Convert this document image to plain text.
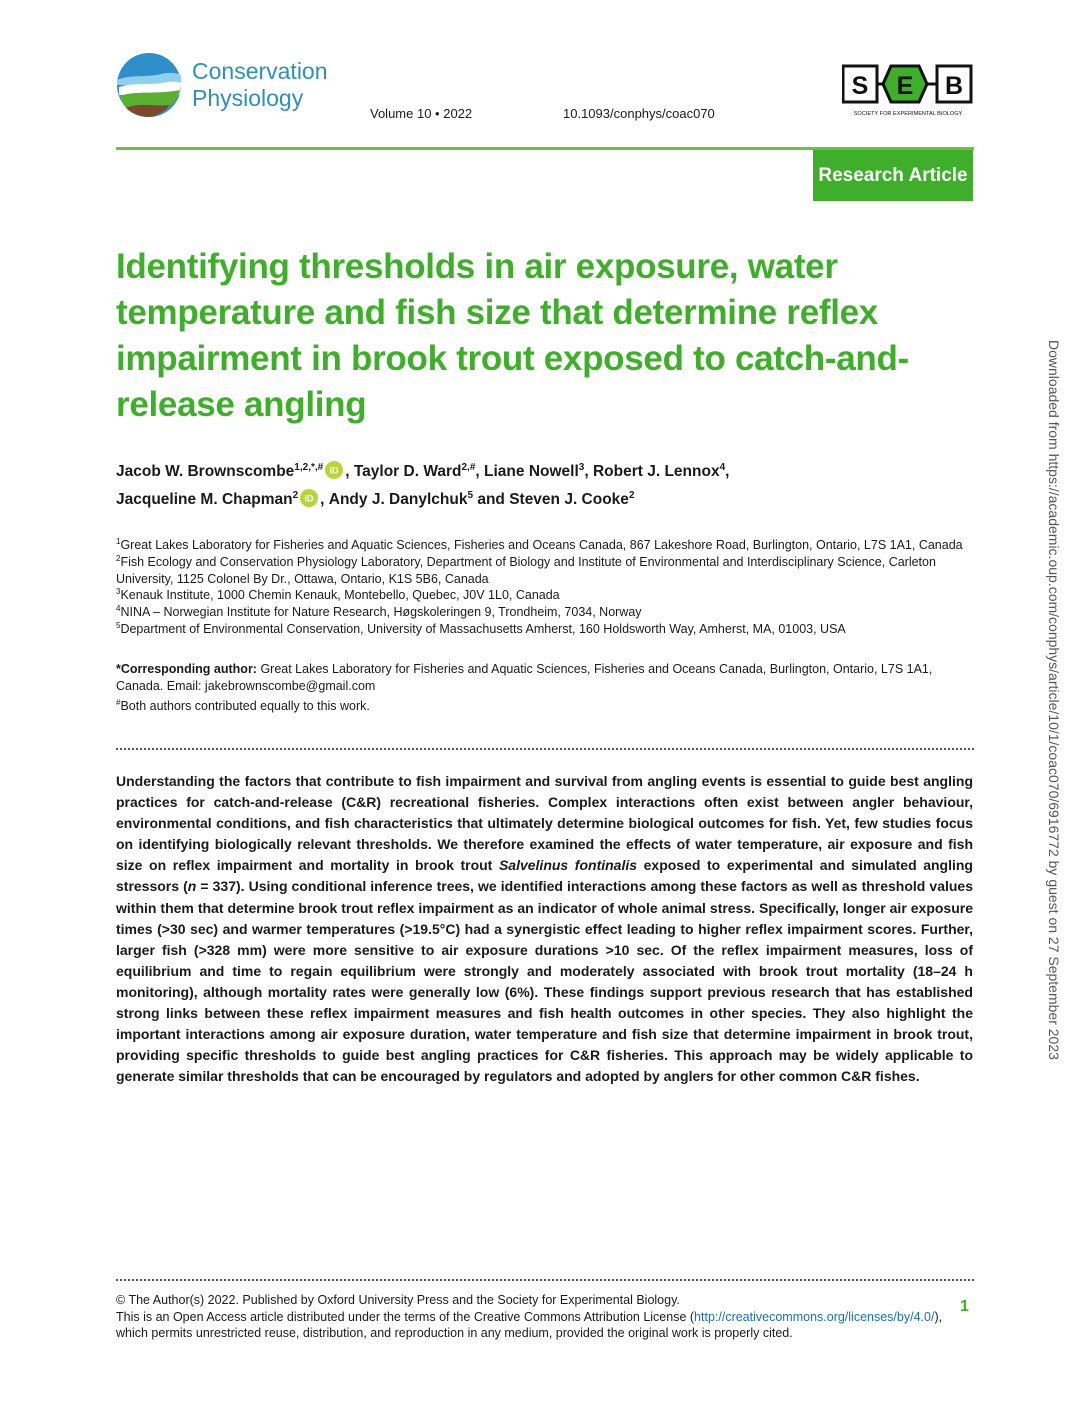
Conservation
Physiology
Volume 10 • 2022	10.1093/conphys/coac070
S E B
SOCIETY FOR EXPERIMENTAL BIOLOGY
Research Article
Identifying thresholds in air exposure, water temperature and fish size that determine reflex impairment in brook trout exposed to catch-and-release angling
Jacob W. Brownscombe$^{1,2,*,\#}$ iD , Taylor D. Ward$^{2,\#}$, Liane Nowell$^3$, Robert J. Lennox$^4$,
Jacqueline M. Chapman$^2$ iD , Andy J. Danylchuk$^5$ and Steven J. Cooke$^2$
$^1$Great Lakes Laboratory for Fisheries and Aquatic Sciences, Fisheries and Oceans Canada, 867 Lakeshore Road, Burlington, Ontario, L7S 1A1, Canada
$^2$Fish Ecology and Conservation Physiology Laboratory, Department of Biology and Institute of Environmental and Interdisciplinary Science, Carleton University, 1125 Colonel By Dr., Ottawa, Ontario, K1S 5B6, Canada
$^3$Kenauk Institute, 1000 Chemin Kenauk, Montebello, Quebec, J0V 1L0, Canada
$^4$NINA – Norwegian Institute for Nature Research, Høgskoleringen 9, Trondheim, 7034, Norway
$^5$Department of Environmental Conservation, University of Massachusetts Amherst, 160 Holdsworth Way, Amherst, MA, 01003, USA
*Corresponding author: Great Lakes Laboratory for Fisheries and Aquatic Sciences, Fisheries and Oceans Canada, Burlington, Ontario, L7S 1A1, Canada. Email: jakebrownscombe@gmail.com
#Both authors contributed equally to this work.

Understanding the factors that contribute to fish impairment and survival from angling events is essential to guide best angling practices for catch-and-release (C&R) recreational fisheries. Complex interactions often exist between angler behaviour, environmental conditions, and fish characteristics that ultimately determine biological outcomes for fish. Yet, few studies focus on identifying biologically relevant thresholds. We therefore examined the effects of water temperature, air exposure and fish size on reflex impairment and mortality in brook trout Salvelinus fontinalis exposed to experimental and simulated angling stressors (n = 337). Using conditional inference trees, we identified interactions among these factors as well as threshold values within them that determine brook trout reflex impairment as an indicator of whole animal stress. Specifically, longer air exposure times (>30 sec) and warmer temperatures (>19.5°C) had a synergistic effect leading to higher reflex impairment scores. Further, larger fish (>328 mm) were more sensitive to air exposure durations >10 sec. Of the reflex impairment measures, loss of equilibrium and time to regain equilibrium were strongly and moderately associated with brook trout mortality (18–24 h monitoring), although mortality rates were generally low (6%). These findings support previous research that has established strong links between these reflex impairment measures and fish health outcomes in other species. They also highlight the important interactions among air exposure duration, water temperature and fish size that determine impairment in brook trout, providing specific thresholds to guide best angling practices for C&R fisheries. This approach may be widely applicable to generate similar thresholds that can be encouraged by regulators and adopted by anglers for other common C&R fishes.

© The Author(s) 2022. Published by Oxford University Press and the Society for Experimental Biology.
This is an Open Access article distributed under the terms of the Creative Commons Attribution License (http://creativecommons.org/licenses/by/4.0/), which permits unrestricted reuse, distribution, and reproduction in any medium, provided the original work is properly cited.
1
Downloaded from https://academic.oup.com/conphys/article/10/1/coac070/6916772 by guest on 27 September 2023
